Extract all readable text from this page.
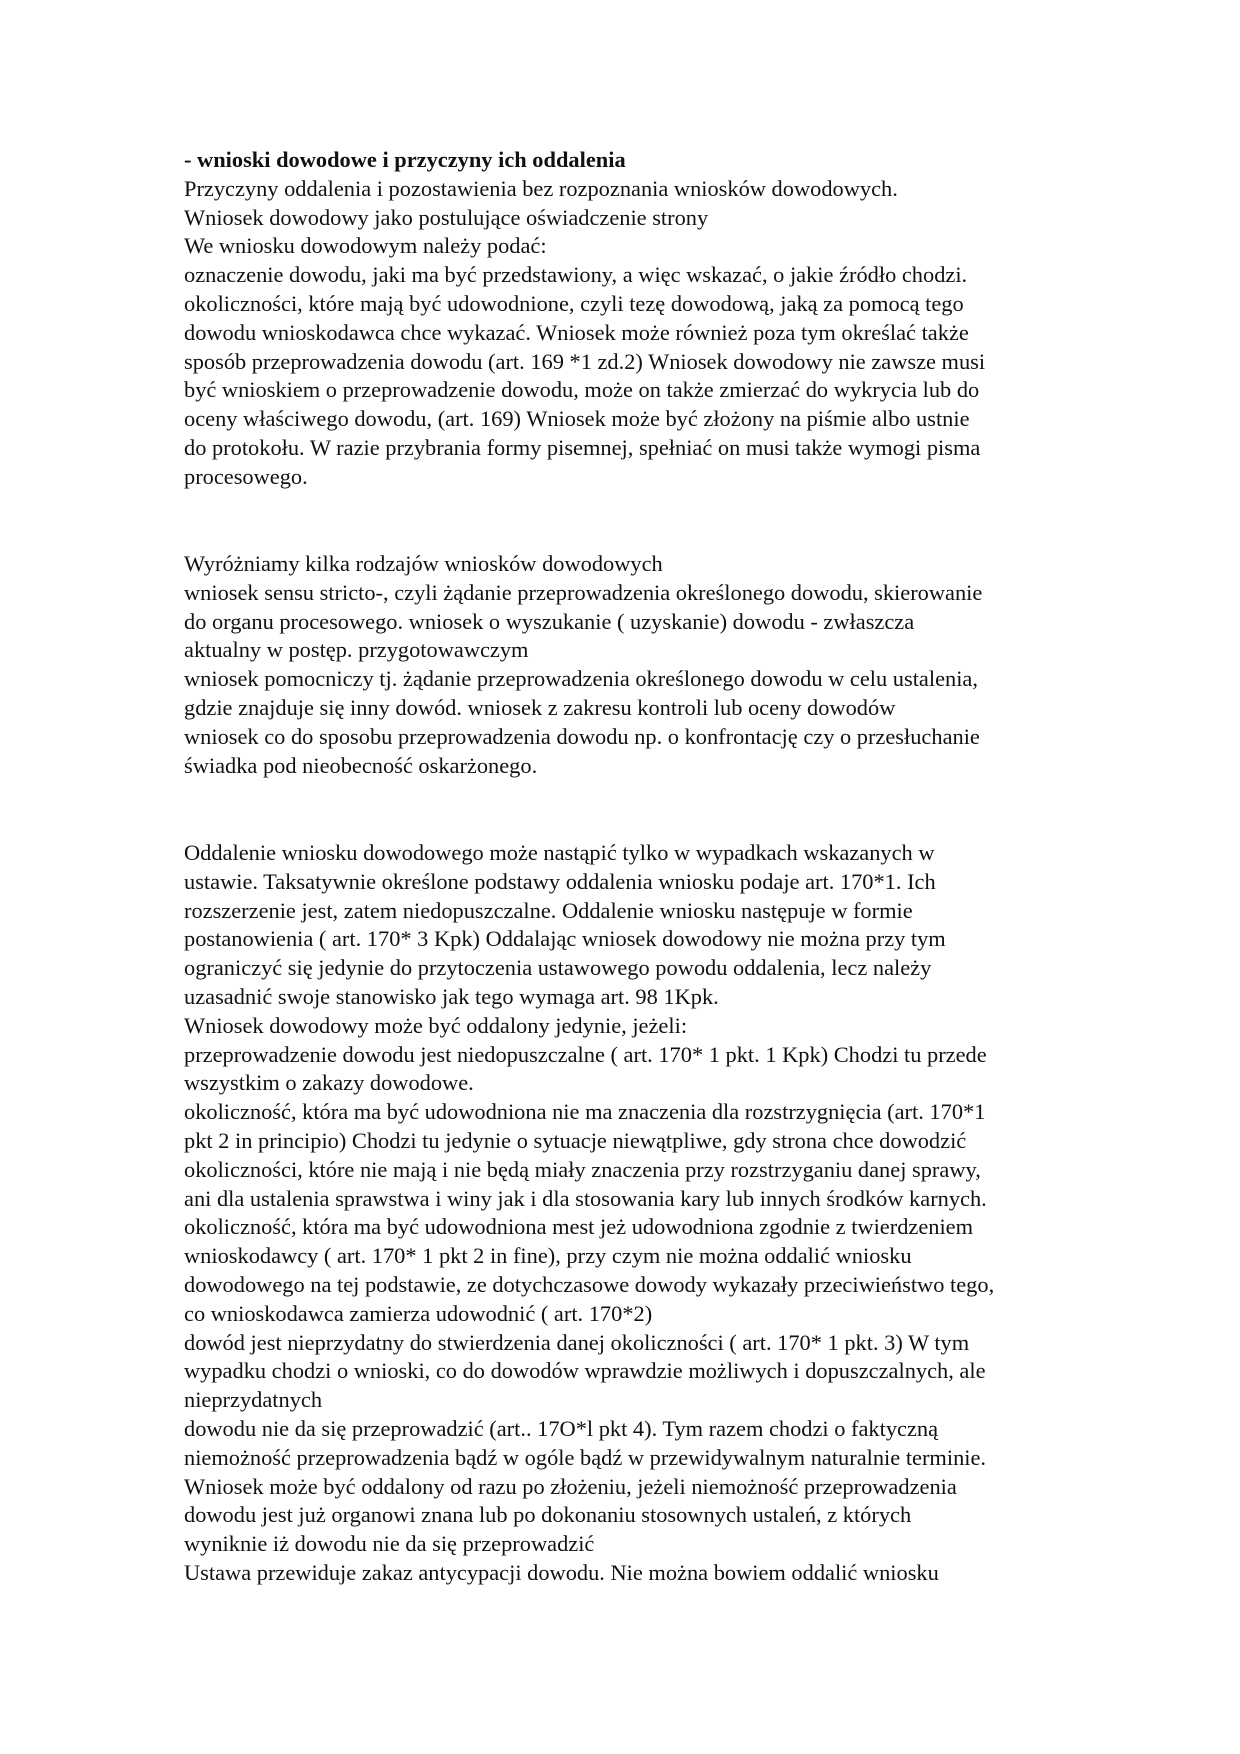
- wnioski dowodowe i przyczyny ich oddalenia

Przyczyny oddalenia i pozostawienia bez rozpoznania wniosków dowodowych.

Wniosek dowodowy jako postulujące oświadczenie strony

We wniosku dowodowym należy podać:

oznaczenie dowodu, jaki ma być przedstawiony, a więc wskazać, o jakie źródło chodzi.

okoliczności, które mają być udowodnione, czyli tezę dowodową, jaką za pomocą tego

dowodu wnioskodawca chce wykazać. Wniosek może również poza tym określać także

sposób przeprowadzenia dowodu (art. 169 *1 zd.2) Wniosek dowodowy nie zawsze musi

być wnioskiem o przeprowadzenie dowodu, może on także zmierzać do wykrycia lub do

oceny właściwego dowodu, (art. 169) Wniosek może być złożony na piśmie albo ustnie

do protokołu. W razie przybrania formy pisemnej, spełniać on musi także wymogi pisma

procesowego.

Wyróżniamy kilka rodzajów wniosków dowodowych

wniosek sensu stricto-, czyli żądanie przeprowadzenia określonego dowodu, skierowanie

do organu procesowego. wniosek o wyszukanie ( uzyskanie) dowodu - zwłaszcza

aktualny w postęp. przygotowawczym

wniosek pomocniczy tj. żądanie przeprowadzenia określonego dowodu w celu ustalenia,

gdzie znajduje się inny dowód. wniosek z zakresu kontroli lub oceny dowodów

wniosek co do sposobu przeprowadzenia dowodu np. o konfrontację czy o przesłuchanie

świadka pod nieobecność oskarżonego.

Oddalenie wniosku dowodowego może nastąpić tylko w wypadkach wskazanych w

ustawie. Taksatywnie określone podstawy oddalenia wniosku podaje art. 170*1. Ich

rozszerzenie jest, zatem niedopuszczalne. Oddalenie wniosku następuje w formie

postanowienia ( art. 170* 3 Kpk) Oddalając wniosek dowodowy nie można przy tym

ograniczyć się jedynie do przytoczenia ustawowego powodu oddalenia, lecz należy

uzasadnić swoje stanowisko jak tego wymaga art. 98 1Kpk.

Wniosek dowodowy może być oddalony jedynie, jeżeli:

przeprowadzenie dowodu jest niedopuszczalne ( art. 170* 1 pkt. 1 Kpk) Chodzi tu przede

wszystkim o zakazy dowodowe.

okoliczność, która ma być udowodniona nie ma znaczenia dla rozstrzygnięcia (art. 170*1

pkt 2 in principio) Chodzi tu jedynie o sytuacje niewątpliwe, gdy strona chce dowodzić

okoliczności, które nie mają i nie będą miały znaczenia przy rozstrzyganiu danej sprawy,

ani dla ustalenia sprawstwa i winy jak i dla stosowania kary lub innych środków karnych.

okoliczność, która ma być udowodniona mest jeż udowodniona zgodnie z twierdzeniem

wnioskodawcy ( art. 170* 1 pkt 2 in fine), przy czym nie można oddalić wniosku

dowodowego na tej podstawie, ze dotychczasowe dowody wykazały przeciwieństwo tego,

co wnioskodawca zamierza udowodnić ( art. 170*2)

dowód jest nieprzydatny do stwierdzenia danej okoliczności ( art. 170* 1 pkt. 3) W tym

wypadku chodzi o wnioski, co do dowodów wprawdzie możliwych i dopuszczalnych, ale

nieprzydatnych

dowodu nie da się przeprowadzić (art.. 17O*l pkt 4). Tym razem chodzi o faktyczną

niemożność przeprowadzenia bądź w ogóle bądź w przewidywalnym naturalnie terminie.

Wniosek może być oddalony od razu po złożeniu, jeżeli niemożność przeprowadzenia

dowodu jest już organowi znana lub po dokonaniu stosownych ustaleń, z których

wyniknie iż dowodu nie da się przeprowadzić

Ustawa przewiduje zakaz antycypacji dowodu. Nie można bowiem oddalić wniosku
